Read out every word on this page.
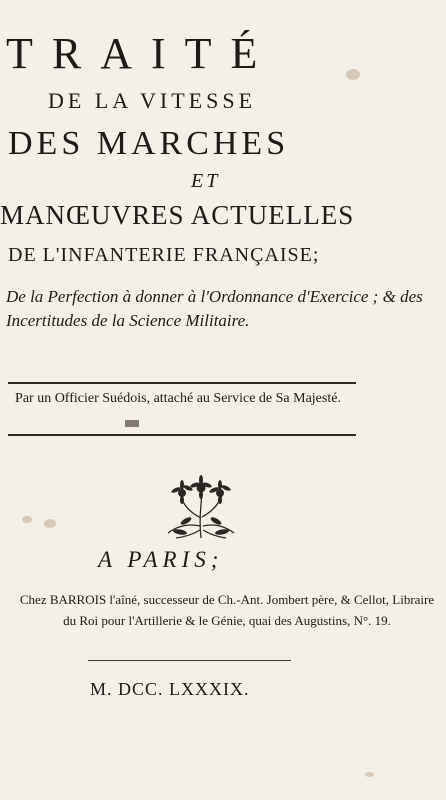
TRAITÉ
DE LA VITESSE
DES MARCHES
ET
MANŒUVRES ACTUELLES
DE L'INFANTERIE FRANÇAISE;
De la Perfection à donner à l'Ordonnance d'Exercice ; & des Incertitudes de la Science Militaire.
Par un Officier Suédois, attaché au Service de Sa Majesté.
A PARIS;
Chez BARROIS l'aîné, successeur de Ch.-Ant. Jombert père, & Cellot, Libraire du Roi pour l'Artillerie & le Génie, quai des Augustins, N°. 19.
M. DCC. LXXXIX.
